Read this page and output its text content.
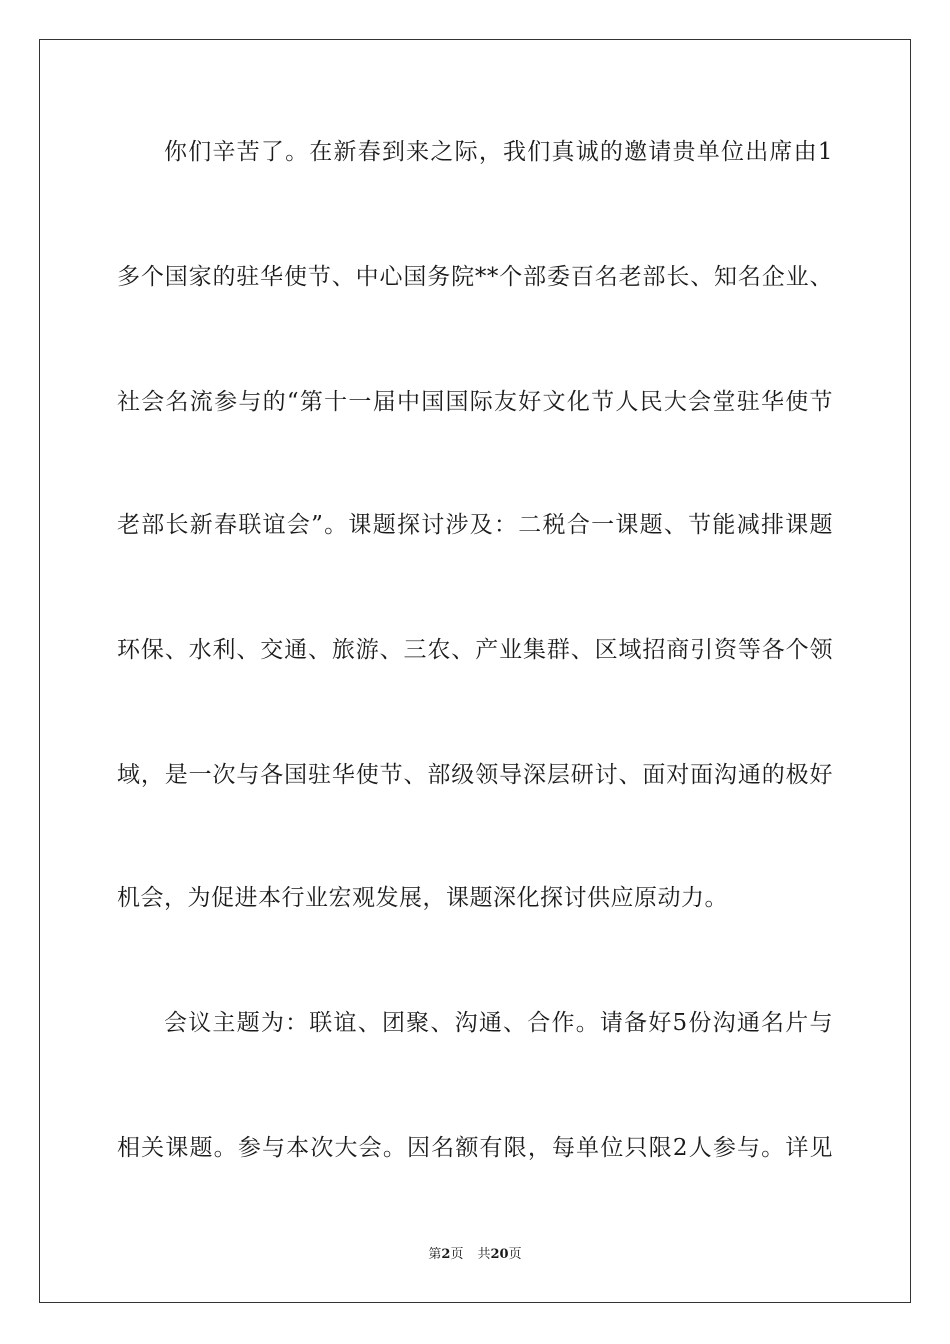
你们辛苦了。在新春到来之际，我们真诚的邀请贵单位出席由1
多个国家的驻华使节、中心国务院**个部委百名老部长、知名企业、
社会名流参与的“第十一届中国国际友好文化节人民大会堂驻华使节
老部长新春联谊会”。课题探讨涉及：二税合一课题、节能减排课题
环保、水利、交通、旅游、三农、产业集群、区域招商引资等各个领
域，是一次与各国驻华使节、部级领导深层研讨、面对面沟通的极好
机会，为促进本行业宏观发展，课题深化探讨供应原动力。
会议主题为：联谊、团聚、沟通、合作。请备好5份沟通名片与
相关课题。参与本次大会。因名额有限，每单位只限2人参与。详见
第2页 共20页
